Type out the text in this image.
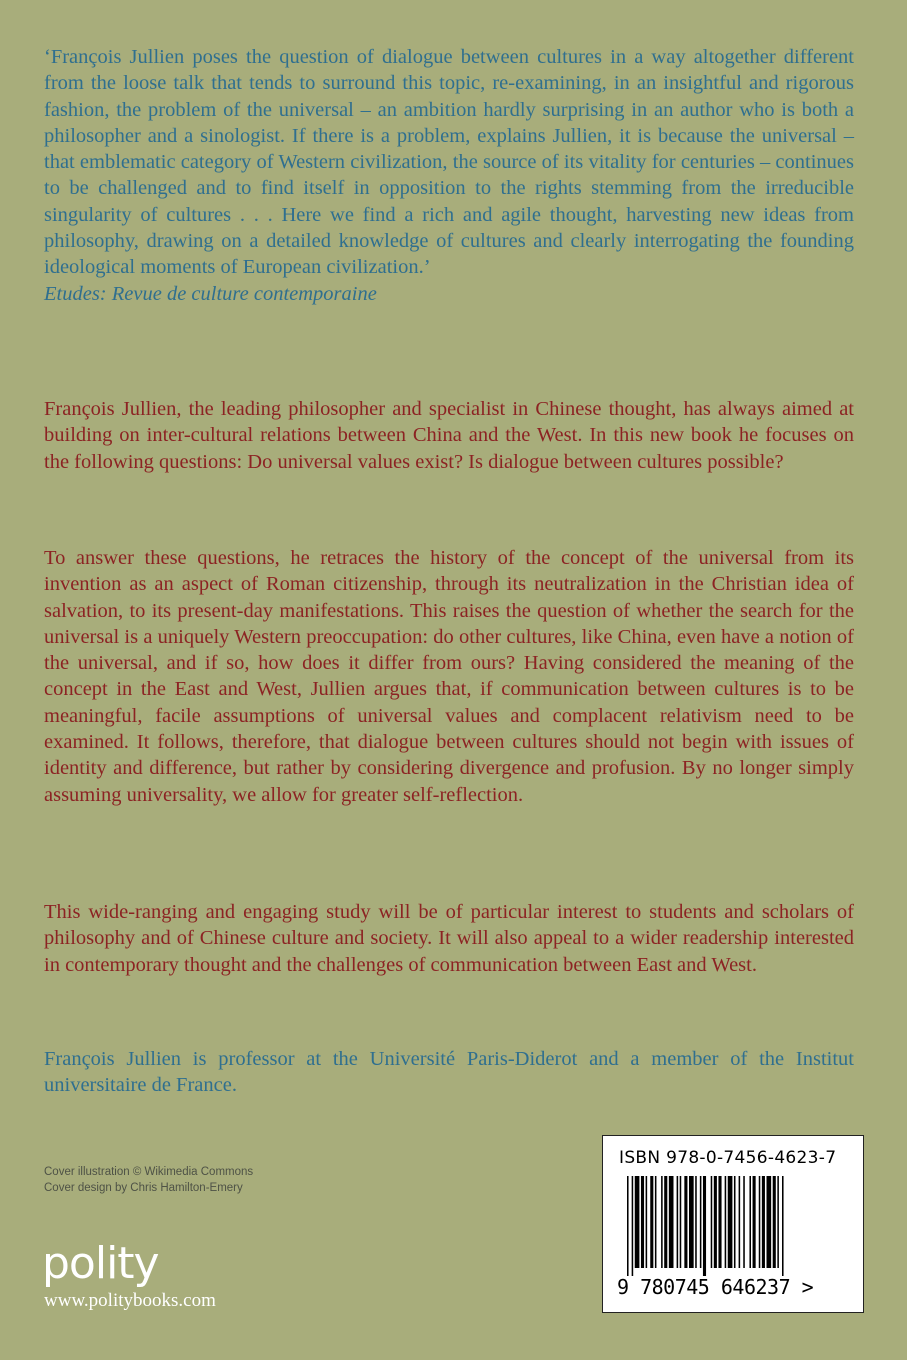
‘François Jullien poses the question of dialogue between cultures in a way altogether different from the loose talk that tends to surround this topic, re-examining, in an insightful and rigorous fashion, the problem of the universal – an ambition hardly surprising in an author who is both a philosopher and a sinologist. If there is a problem, explains Jullien, it is because the universal – that emblematic category of Western civilization, the source of its vitality for centuries – continues to be challenged and to find itself in opposition to the rights stemming from the irreducible singularity of cultures . . . Here we find a rich and agile thought, harvesting new ideas from philosophy, drawing on a detailed knowledge of cultures and clearly interrogating the founding ideological moments of European civilization.’
Etudes: Revue de culture contemporaine
François Jullien, the leading philosopher and specialist in Chinese thought, has always aimed at building on inter-cultural relations between China and the West. In this new book he focuses on the following questions: Do universal values exist? Is dialogue between cultures possible?
To answer these questions, he retraces the history of the concept of the universal from its invention as an aspect of Roman citizenship, through its neutralization in the Christian idea of salvation, to its present-day manifestations. This raises the question of whether the search for the universal is a uniquely Western preoccupation: do other cultures, like China, even have a notion of the universal, and if so, how does it differ from ours? Having considered the meaning of the concept in the East and West, Jullien argues that, if communication between cultures is to be meaningful, facile assumptions of universal values and complacent relativism need to be examined. It follows, therefore, that dialogue between cultures should not begin with issues of identity and difference, but rather by considering divergence and profusion. By no longer simply assuming universality, we allow for greater self-reflection.
This wide-ranging and engaging study will be of particular interest to students and scholars of philosophy and of Chinese culture and society. It will also appeal to a wider readership interested in contemporary thought and the challenges of communication between East and West.
François Jullien is professor at the Université Paris-Diderot and a member of the Institut universitaire de France.
Cover illustration © Wikimedia Commons
Cover design by Chris Hamilton-Emery
polity
www.politybooks.com
ISBN 978-0-7456-4623-7
9 780745 646237 >
